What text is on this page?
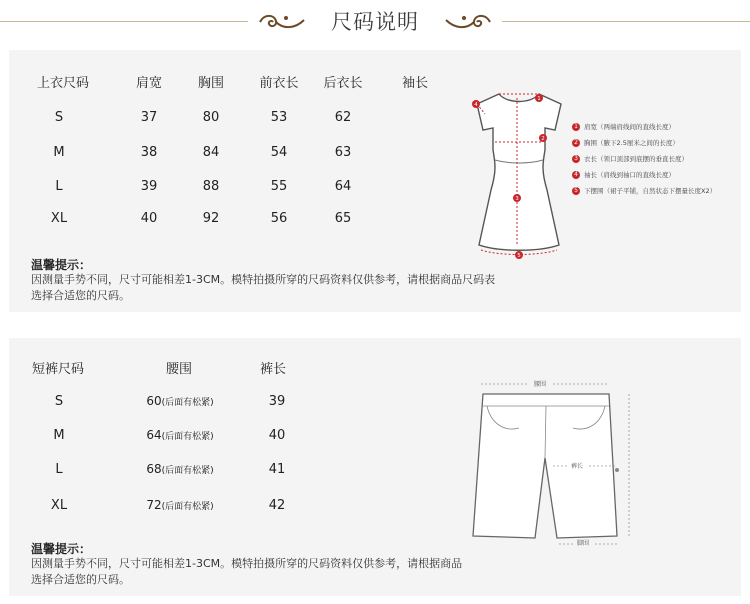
尺码说明
上衣尺码	肩宽	胸围	前衣长	后衣长	袖长
S	37	80	53	62
M	38	84	54	63
L	39	88	55	64
XL	40	92	56	65
1
2
3
4
5
1 肩宽（两端肩线间的直线长度）
2 胸围（腋下2.5厘米之间的长度）
3 衣长（领口顶部到底摆的垂直长度）
4 袖长（肩线到袖口的直线长度）
5 下摆围（裙子平铺，自然状态下摆量长度X2）
温馨提示：
因测量手势不同，尺寸可能相差1-3CM。模特拍摄所穿的尺码资料仅供参考，请根据商品尺码表
选择合适您的尺码。
短裤尺码	腰围	裤长
S	60(后面有松紧)	39
M	64(后面有松紧)	40
L	68(后面有松紧)	41
XL	72(后面有松紧)	42
腰围
裤长
脚围
温馨提示：
因测量手势不同，尺寸可能相差1-3CM。模特拍摄所穿的尺码资料仅供参考，请根据商品
选择合适您的尺码。
